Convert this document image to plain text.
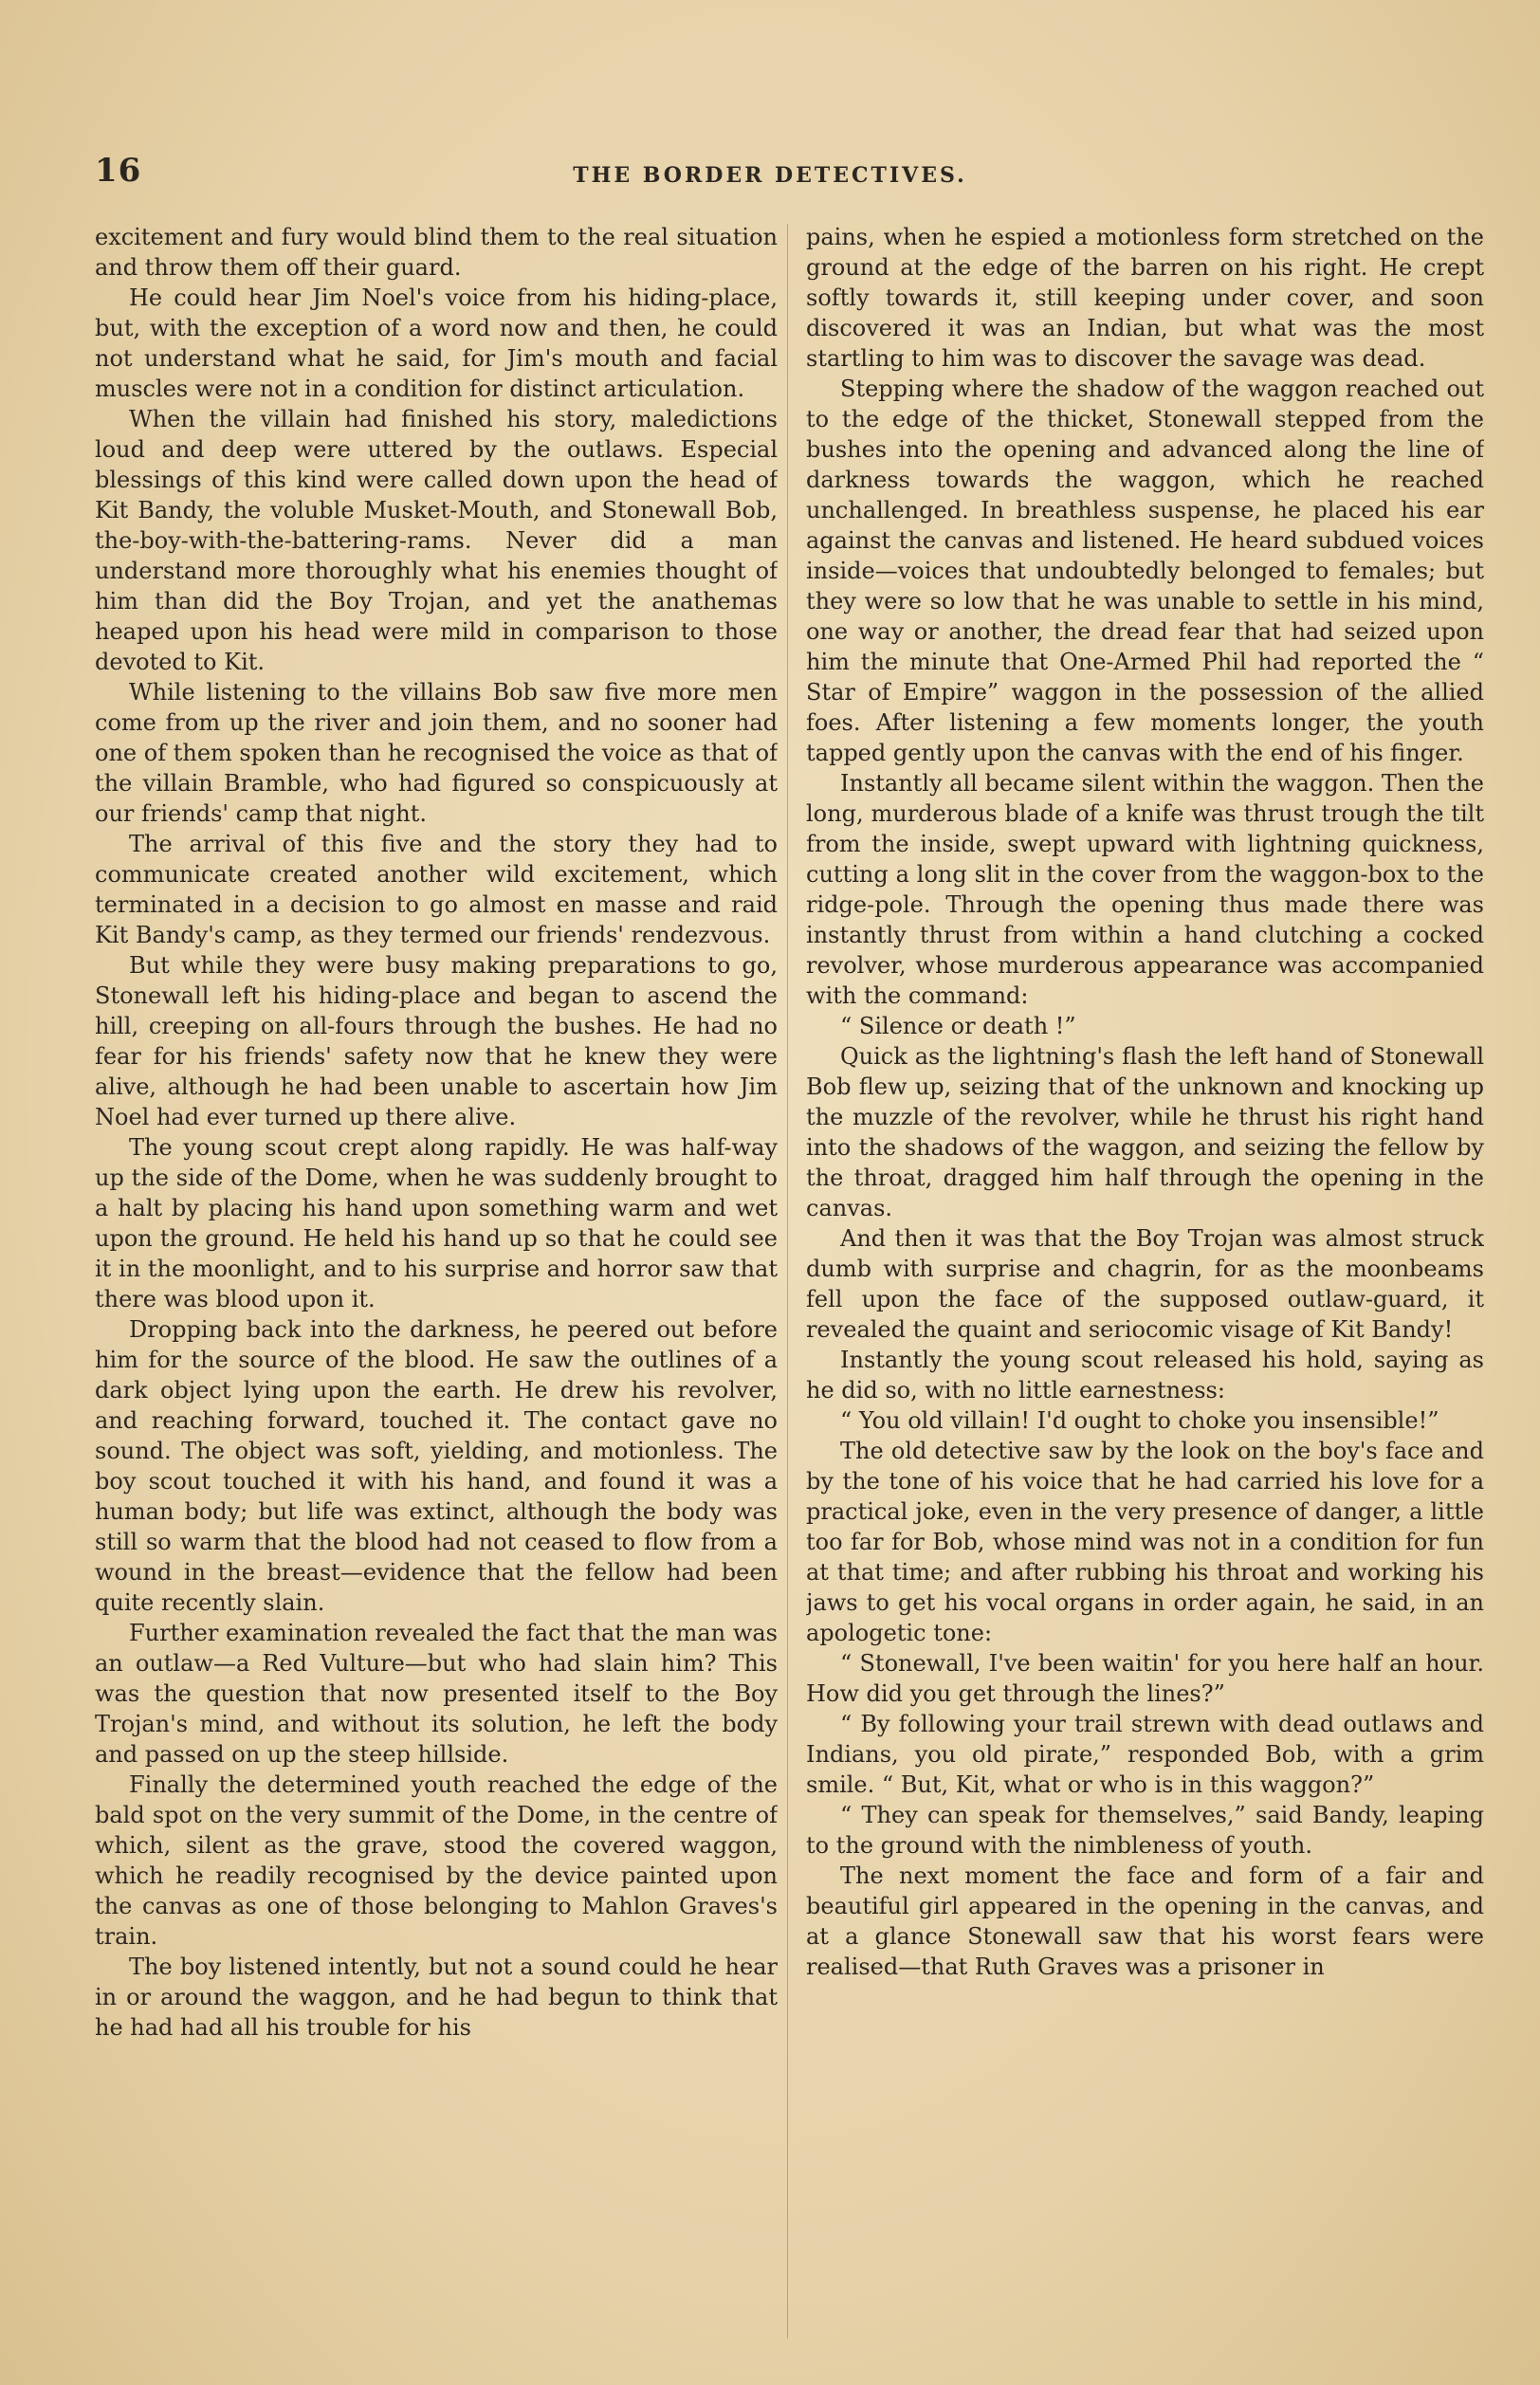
16	THE BORDER DETECTIVES.

excitement and fury would blind them to the real situation and throw them off their guard.

He could hear Jim Noel's voice from his hiding-place, but, with the exception of a word now and then, he could not understand what he said, for Jim's mouth and facial muscles were not in a condition for distinct articulation.

When the villain had finished his story, maledictions loud and deep were uttered by the outlaws. Especial blessings of this kind were called down upon the head of Kit Bandy, the voluble Musket-Mouth, and Stonewall Bob, the-boy-with-the-battering-rams. Never did a man understand more thoroughly what his enemies thought of him than did the Boy Trojan, and yet the anathemas heaped upon his head were mild in comparison to those devoted to Kit.

While listening to the villains Bob saw five more men come from up the river and join them, and no sooner had one of them spoken than he recognised the voice as that of the villain Bramble, who had figured so conspicuously at our friends' camp that night.

The arrival of this five and the story they had to communicate created another wild excitement, which terminated in a decision to go almost en masse and raid Kit Bandy's camp, as they termed our friends' rendezvous.

But while they were busy making preparations to go, Stonewall left his hiding-place and began to ascend the hill, creeping on all-fours through the bushes. He had no fear for his friends' safety now that he knew they were alive, although he had been unable to ascertain how Jim Noel had ever turned up there alive.

The young scout crept along rapidly. He was half-way up the side of the Dome, when he was suddenly brought to a halt by placing his hand upon something warm and wet upon the ground. He held his hand up so that he could see it in the moonlight, and to his surprise and horror saw that there was blood upon it.

Dropping back into the darkness, he peered out before him for the source of the blood. He saw the outlines of a dark object lying upon the earth. He drew his revolver, and reaching forward, touched it. The contact gave no sound. The object was soft, yielding, and motionless. The boy scout touched it with his hand, and found it was a human body; but life was extinct, although the body was still so warm that the blood had not ceased to flow from a wound in the breast—evidence that the fellow had been quite recently slain.

Further examination revealed the fact that the man was an outlaw—a Red Vulture—but who had slain him? This was the question that now presented itself to the Boy Trojan's mind, and without its solution, he left the body and passed on up the steep hillside.

Finally the determined youth reached the edge of the bald spot on the very summit of the Dome, in the centre of which, silent as the grave, stood the covered waggon, which he readily recognised by the device painted upon the canvas as one of those belonging to Mahlon Graves's train.

The boy listened intently, but not a sound could he hear in or around the waggon, and he had begun to think that he had had all his trouble for his

pains, when he espied a motionless form stretched on the ground at the edge of the barren on his right. He crept softly towards it, still keeping under cover, and soon discovered it was an Indian, but what was the most startling to him was to discover the savage was dead.

Stepping where the shadow of the waggon reached out to the edge of the thicket, Stonewall stepped from the bushes into the opening and advanced along the line of darkness towards the waggon, which he reached unchallenged. In breathless suspense, he placed his ear against the canvas and listened. He heard subdued voices inside—voices that undoubtedly belonged to females; but they were so low that he was unable to settle in his mind, one way or another, the dread fear that had seized upon him the minute that One-Armed Phil had reported the “ Star of Empire” waggon in the possession of the allied foes. After listening a few moments longer, the youth tapped gently upon the canvas with the end of his finger.

Instantly all became silent within the waggon. Then the long, murderous blade of a knife was thrust trough the tilt from the inside, swept upward with lightning quickness, cutting a long slit in the cover from the waggon-box to the ridge-pole. Through the opening thus made there was instantly thrust from within a hand clutching a cocked revolver, whose murderous appearance was accompanied with the command:

“ Silence or death !”

Quick as the lightning's flash the left hand of Stonewall Bob flew up, seizing that of the unknown and knocking up the muzzle of the revolver, while he thrust his right hand into the shadows of the waggon, and seizing the fellow by the throat, dragged him half through the opening in the canvas.

And then it was that the Boy Trojan was almost struck dumb with surprise and chagrin, for as the moonbeams fell upon the face of the supposed outlaw-guard, it revealed the quaint and seriocomic visage of Kit Bandy!

Instantly the young scout released his hold, saying as he did so, with no little earnestness:

“ You old villain! I'd ought to choke you insensible!”

The old detective saw by the look on the boy's face and by the tone of his voice that he had carried his love for a practical joke, even in the very presence of danger, a little too far for Bob, whose mind was not in a condition for fun at that time; and after rubbing his throat and working his jaws to get his vocal organs in order again, he said, in an apologetic tone:

“ Stonewall, I've been waitin' for you here half an hour. How did you get through the lines?”

“ By following your trail strewn with dead outlaws and Indians, you old pirate,” responded Bob, with a grim smile. “ But, Kit, what or who is in this waggon?”

“ They can speak for themselves,” said Bandy, leaping to the ground with the nimbleness of youth.

The next moment the face and form of a fair and beautiful girl appeared in the opening in the canvas, and at a glance Stonewall saw that his worst fears were realised—that Ruth Graves was a prisoner in
